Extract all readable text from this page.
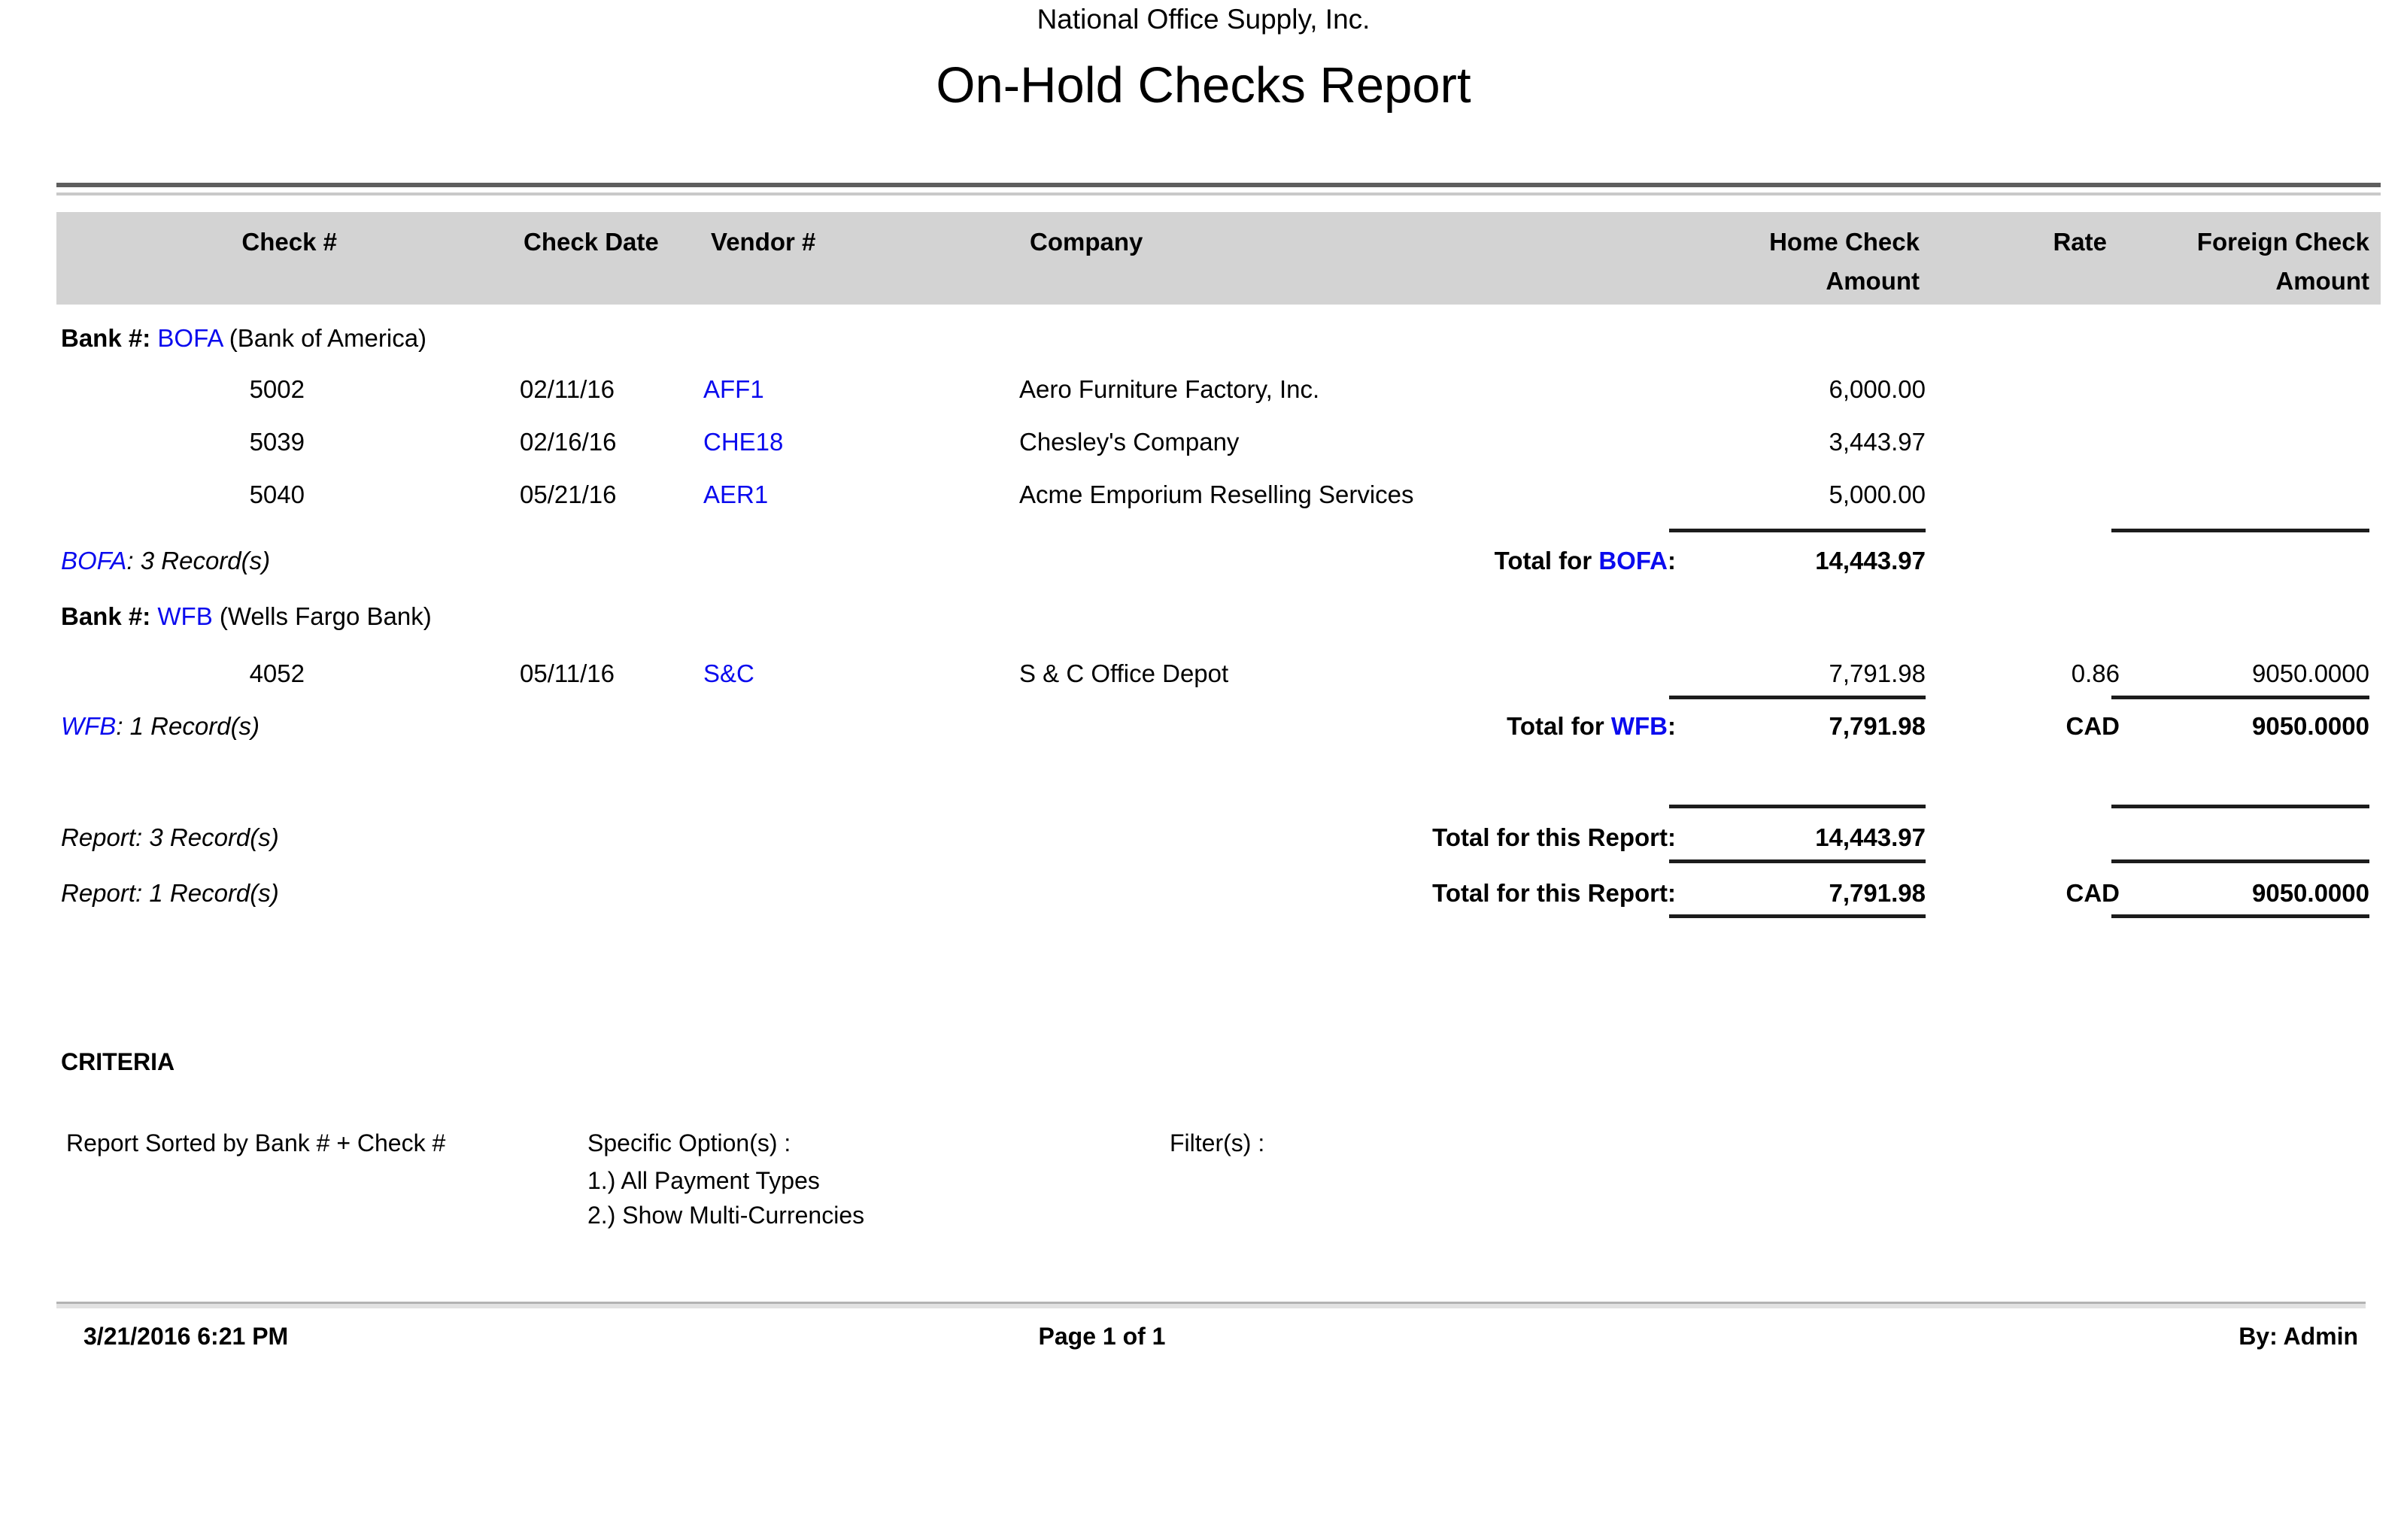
National Office Supply, Inc.
On-Hold Checks Report
Check #	Check Date Vendor #	Company	Home Check
Amount
Rate	Foreign Check
Amount
Bank #: BOFA (Bank of America)
5002	02/11/16	AFF1	Aero Furniture Factory, Inc.	6,000.00
5039	02/16/16	CHE18	Chesley's Company	3,443.97
5040	05/21/16	AER1	Acme Emporium Reselling Services	5,000.00
BOFA: 3 Record(s)	Total for BOFA:	14,443.97
Bank #: WFB (Wells Fargo Bank)
4052	05/11/16	S&C	S & C Office Depot	7,791.98	0.86	9050.0000
WFB: 1 Record(s)	Total for WFB:	7,791.98	CAD	9050.0000
Report: 3 Record(s)	Total for this Report:	14,443.97
Report: 1 Record(s)	Total for this Report:	7,791.98	CAD	9050.0000
CRITERIA
Report Sorted by Bank # + Check #	Specific Option(s) :
1.) All Payment Types
2.) Show Multi-Currencies
Filter(s) :
3/21/2016 6:21 PM	Page 1 of 1	By: Admin
